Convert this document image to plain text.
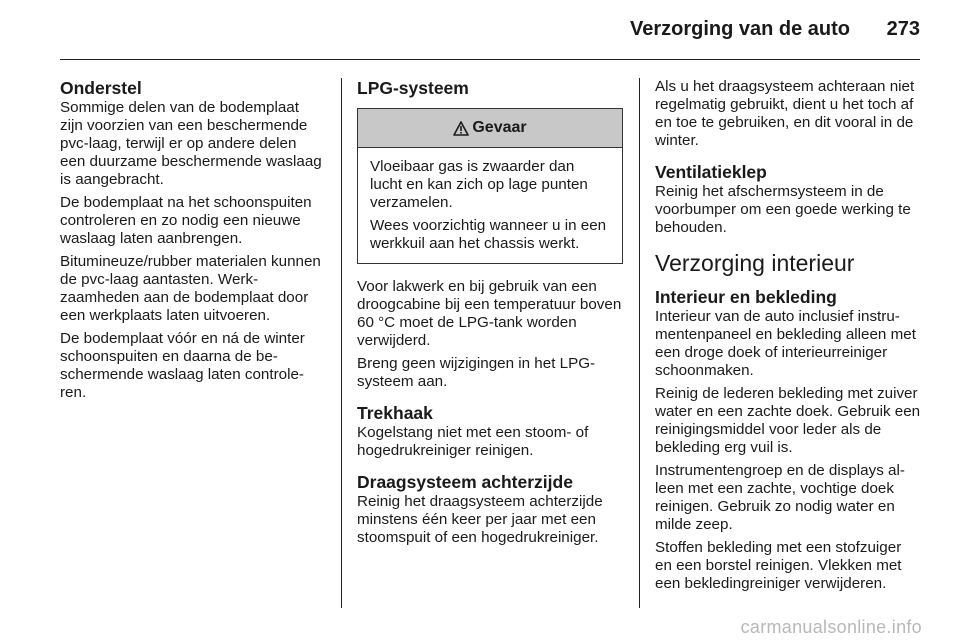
Verzorging van de auto 273
Onderstel

Sommige delen van de bodemplaat zijn voorzien van een beschermende pvc-laag, terwijl er op andere delen een duurzame beschermende waslaag is aangebracht.

De bodemplaat na het schoonspuiten controleren en zo nodig een nieuwe waslaag laten aanbrengen.

Bitumineuze/rubber materialen kunnen de pvc-laag aantasten. Werkzaamheden aan de bodemplaat door een werkplaats laten uitvoeren.

De bodemplaat vóór en ná de winter schoonspuiten en daarna de beschermende waslaag laten controleren.

LPG-systeem
Gevaar

Vloeibaar gas is zwaarder dan lucht en kan zich op lage punten verzamelen.

Wees voorzichtig wanneer u in een werkkuil aan het chassis werkt.

Voor lakwerk en bij gebruik van een droogcabine bij een temperatuur boven 60 °C moet de LPG-tank worden verwijderd.

Breng geen wijzigingen in het LPG-systeem aan.

Trekhaak

Kogelstang niet met een stoom- of hogedrukreiniger reinigen.

Draagsysteem achterzijde

Reinig het draagsysteem achterzijde minstens één keer per jaar met een stoomspuit of een hogedrukreiniger.

Als u het draagsysteem achteraan niet regelmatig gebruikt, dient u het toch af en toe te gebruiken, en dit vooral in de winter.

Ventilatieklep

Reinig het afschermsysteem in de voorbumper om een goede werking te behouden.

Verzorging interieur
Interieur en bekleding

Interieur van de auto inclusief instrumentenpaneel en bekleding alleen met een droge doek of interieurreiniger schoonmaken.

Reinig de lederen bekleding met zuiver water en een zachte doek. Gebruik een reinigingsmiddel voor leder als de bekleding erg vuil is.

Instrumentengroep en de displays alleen met een zachte, vochtige doek reinigen. Gebruik zo nodig water en milde zeep.

Stoffen bekleding met een stofzuiger en een borstel reinigen. Vlekken met een bekledingreiniger verwijderen.

carmanualsonline.info
